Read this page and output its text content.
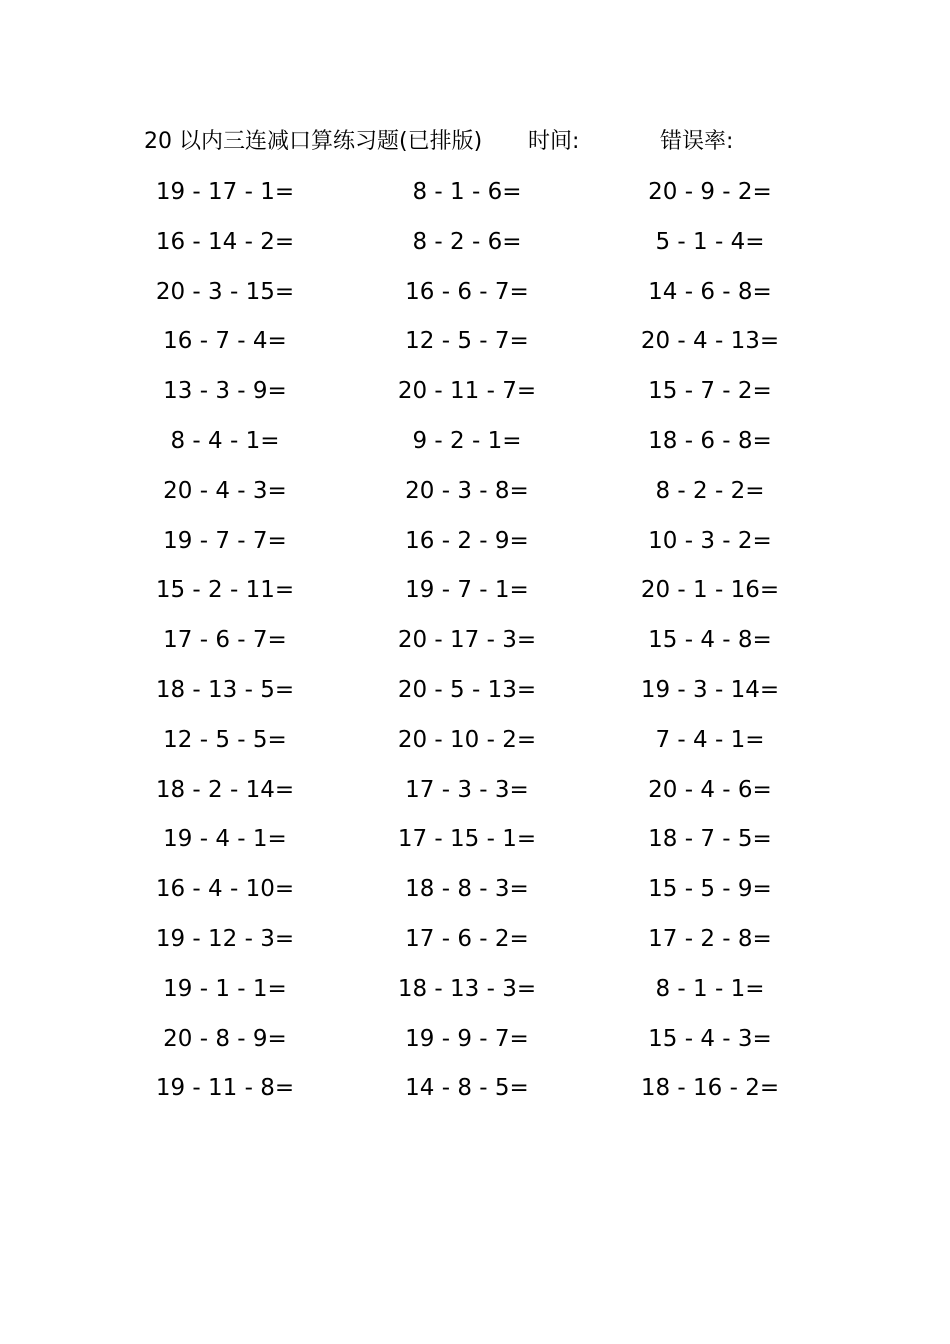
20 以内三连减口算练习题(已排版) 时间:	错误率:
19 - 17 - 1=	8 - 1 - 6=	20 - 9 - 2=
16 - 14 - 2=	8 - 2 - 6=	5 - 1 - 4=
20 - 3 - 15=	16 - 6 - 7=	14 - 6 - 8=
16 - 7 - 4=	12 - 5 - 7=	20 - 4 - 13=
13 - 3 - 9=	20 - 11 - 7=	15 - 7 - 2=
8 - 4 - 1=	9 - 2 - 1=	18 - 6 - 8=
20 - 4 - 3=	20 - 3 - 8=	8 - 2 - 2=
19 - 7 - 7=	16 - 2 - 9=	10 - 3 - 2=
15 - 2 - 11=	19 - 7 - 1=	20 - 1 - 16=
17 - 6 - 7=	20 - 17 - 3=	15 - 4 - 8=
18 - 13 - 5=	20 - 5 - 13=	19 - 3 - 14=
12 - 5 - 5=	20 - 10 - 2=	7 - 4 - 1=
18 - 2 - 14=	17 - 3 - 3=	20 - 4 - 6=
19 - 4 - 1=	17 - 15 - 1=	18 - 7 - 5=
16 - 4 - 10=	18 - 8 - 3=	15 - 5 - 9=
19 - 12 - 3=	17 - 6 - 2=	17 - 2 - 8=
19 - 1 - 1=	18 - 13 - 3=	8 - 1 - 1=
20 - 8 - 9=	19 - 9 - 7=	15 - 4 - 3=
19 - 11 - 8=	14 - 8 - 5=	18 - 16 - 2=
